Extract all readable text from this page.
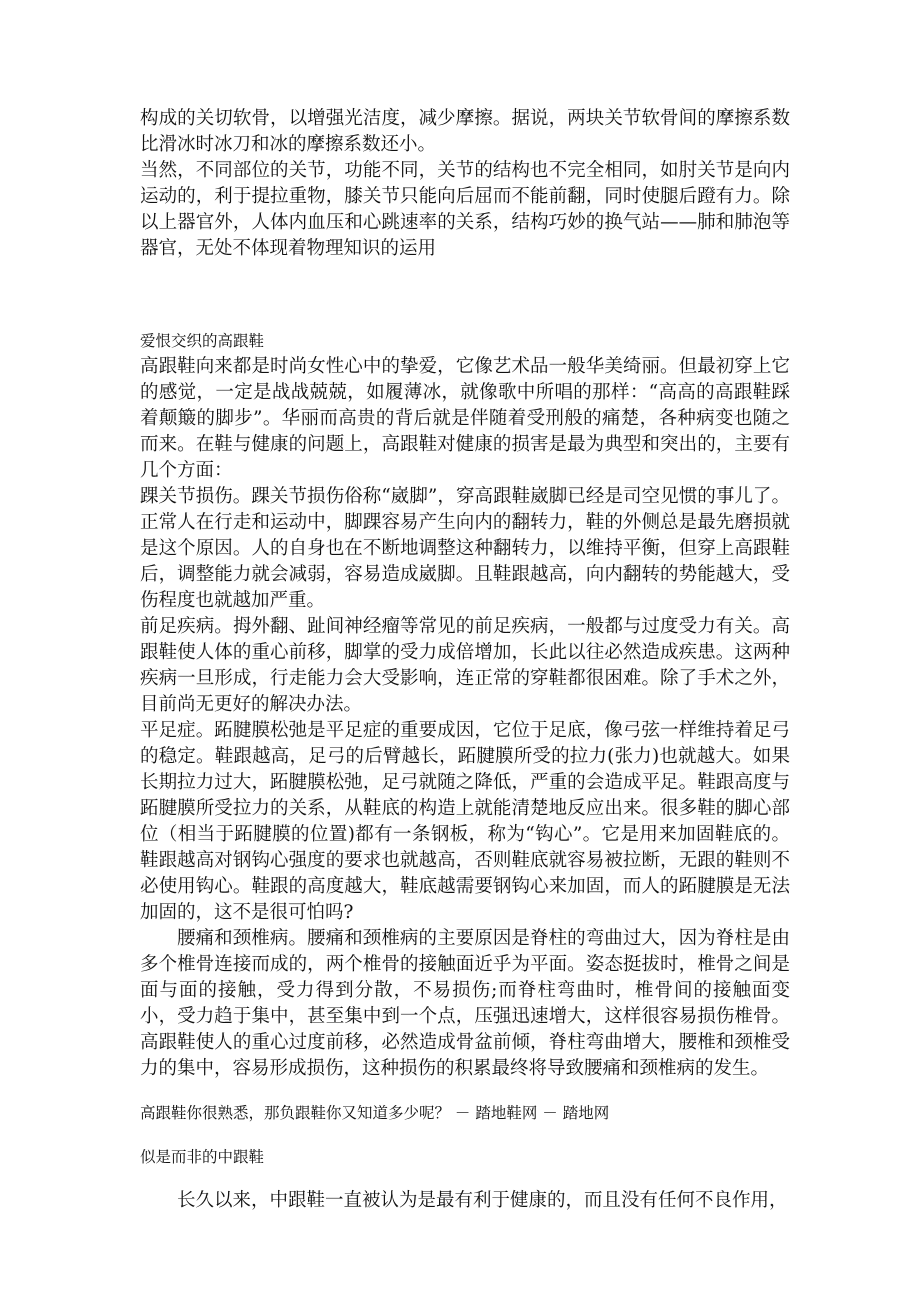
构成的关切软骨，以增强光洁度，减少摩擦。据说，两块关节软骨间的摩擦系数比滑冰时冰刀和冰的摩擦系数还小。

当然，不同部位的关节，功能不同，关节的结构也不完全相同，如肘关节是向内运动的，利于提拉重物，膝关节只能向后屈而不能前翻，同时使腿后蹬有力。除以上器官外，人体内血压和心跳速率的关系，结构巧妙的换气站——肺和肺泡等器官，无处不体现着物理知识的运用

爱恨交织的高跟鞋

高跟鞋向来都是时尚女性心中的挚爱，它像艺术品一般华美绮丽。但最初穿上它的感觉，一定是战战兢兢，如履薄冰，就像歌中所唱的那样：“高高的高跟鞋踩着颠簸的脚步”。华丽而高贵的背后就是伴随着受刑般的痛楚，各种病变也随之而来。在鞋与健康的问题上，高跟鞋对健康的损害是最为典型和突出的，主要有几个方面：

踝关节损伤。踝关节损伤俗称“崴脚”，穿高跟鞋崴脚已经是司空见惯的事儿了。正常人在行走和运动中，脚踝容易产生向内的翻转力，鞋的外侧总是最先磨损就是这个原因。人的自身也在不断地调整这种翻转力，以维持平衡，但穿上高跟鞋后，调整能力就会减弱，容易造成崴脚。且鞋跟越高，向内翻转的势能越大，受伤程度也就越加严重。

前足疾病。拇外翻、趾间神经瘤等常见的前足疾病，一般都与过度受力有关。高跟鞋使人体的重心前移，脚掌的受力成倍增加，长此以往必然造成疾患。这两种疾病一旦形成，行走能力会大受影响，连正常的穿鞋都很困难。除了手术之外，目前尚无更好的解决办法。

平足症。跖腱膜松弛是平足症的重要成因，它位于足底，像弓弦一样维持着足弓的稳定。鞋跟越高，足弓的后臂越长，跖腱膜所受的拉力(张力)也就越大。如果长期拉力过大，跖腱膜松弛，足弓就随之降低，严重的会造成平足。鞋跟高度与跖腱膜所受拉力的关系，从鞋底的构造上就能清楚地反应出来。很多鞋的脚心部位（相当于跖腱膜的位置)都有一条钢板，称为“钩心”。它是用来加固鞋底的。鞋跟越高对钢钩心强度的要求也就越高，否则鞋底就容易被拉断，无跟的鞋则不必使用钩心。鞋跟的高度越大，鞋底越需要钢钩心来加固，而人的跖腱膜是无法加固的，这不是很可怕吗?

腰痛和颈椎病。腰痛和颈椎病的主要原因是脊柱的弯曲过大，因为脊柱是由多个椎骨连接而成的，两个椎骨的接触面近乎为平面。姿态挺拔时，椎骨之间是面与面的接触，受力得到分散，不易损伤;而脊柱弯曲时，椎骨间的接触面变小，受力趋于集中，甚至集中到一个点，压强迅速增大，这样很容易损伤椎骨。高跟鞋使人的重心过度前移，必然造成骨盆前倾，脊柱弯曲增大，腰椎和颈椎受力的集中，容易形成损伤，这种损伤的积累最终将导致腰痛和颈椎病的发生。

高跟鞋你很熟悉，那负跟鞋你又知道多少呢？ － 踏地鞋网 － 踏地网

似是而非的中跟鞋

长久以来，中跟鞋一直被认为是最有利于健康的，而且没有任何不良作用，
